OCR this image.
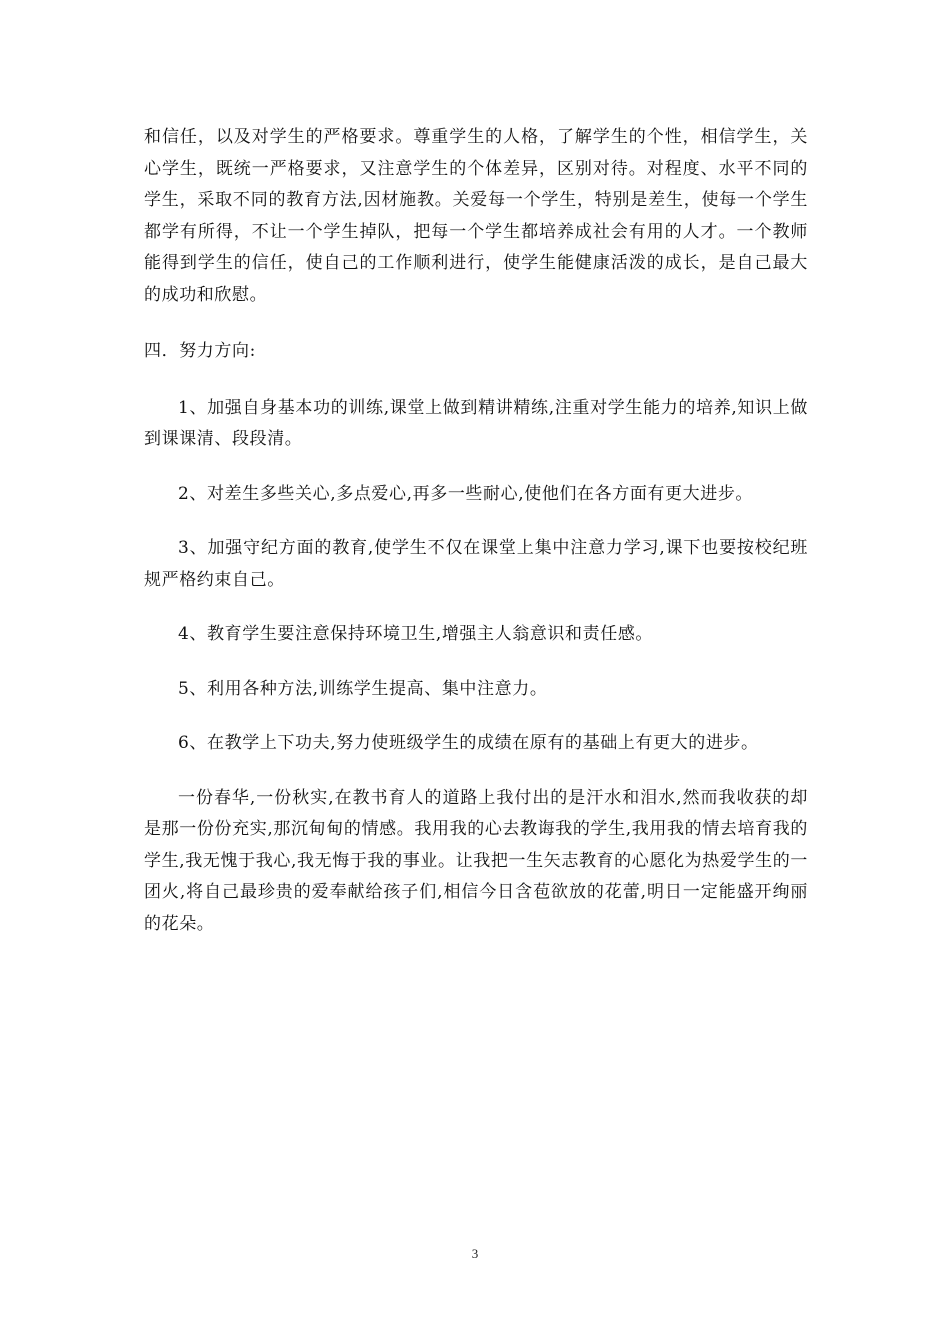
和信任，以及对学生的严格要求。尊重学生的人格，了解学生的个性，相信学生，关心学生，既统一严格要求，又注意学生的个体差异，区别对待。对程度、水平不同的学生，采取不同的教育方法,因材施教。关爱每一个学生，特别是差生，使每一个学生都学有所得，不让一个学生掉队，把每一个学生都培养成社会有用的人才。一个教师能得到学生的信任，使自己的工作顺利进行，使学生能健康活泼的成长，是自己最大的成功和欣慰。

四．努力方向:

1、加强自身基本功的训练,课堂上做到精讲精练,注重对学生能力的培养,知识上做到课课清、段段清。

2、对差生多些关心,多点爱心,再多一些耐心,使他们在各方面有更大进步。

3、加强守纪方面的教育,使学生不仅在课堂上集中注意力学习,课下也要按校纪班规严格约束自己。

4、教育学生要注意保持环境卫生,增强主人翁意识和责任感。

5、利用各种方法,训练学生提高、集中注意力。

6、在教学上下功夫,努力使班级学生的成绩在原有的基础上有更大的进步。

一份春华,一份秋实,在教书育人的道路上我付出的是汗水和泪水,然而我收获的却是那一份份充实,那沉甸甸的情感。我用我的心去教诲我的学生,我用我的情去培育我的学生,我无愧于我心,我无悔于我的事业。让我把一生矢志教育的心愿化为热爱学生的一团火,将自己最珍贵的爱奉献给孩子们,相信今日含苞欲放的花蕾,明日一定能盛开绚丽的花朵。

3
